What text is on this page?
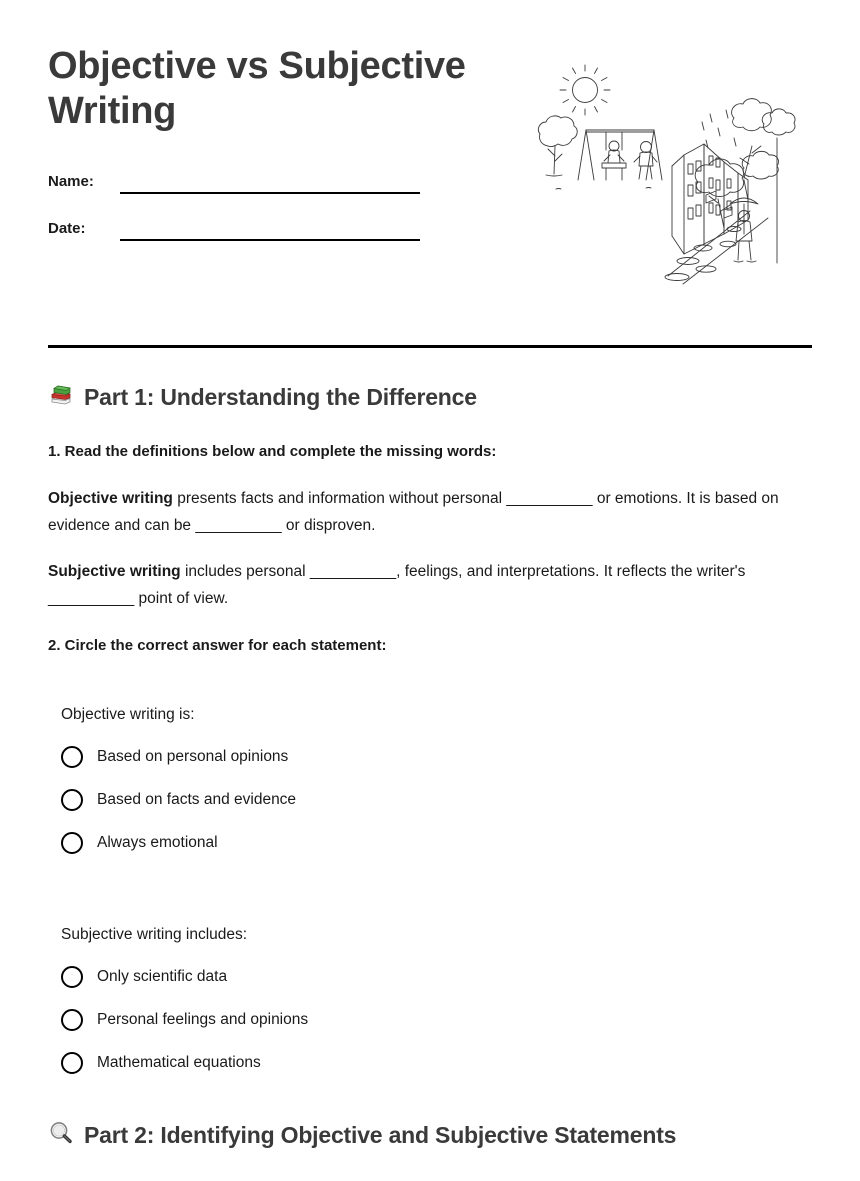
Objective vs Subjective Writing
Name:
Date:
Part 1: Understanding the Difference

1. Read the definitions below and complete the missing words:

Objective writing presents facts and information without personal __________ or emotions. It is based on evidence and can be __________ or disproven.

Subjective writing includes personal __________, feelings, and interpretations. It reflects the writer's __________ point of view.

2. Circle the correct answer for each statement:

Objective writing is:

Based on personal opinions
Based on facts and evidence
Always emotional

Subjective writing includes:

Only scientific data
Personal feelings and opinions
Mathematical equations
Part 2: Identifying Objective and Subjective Statements
